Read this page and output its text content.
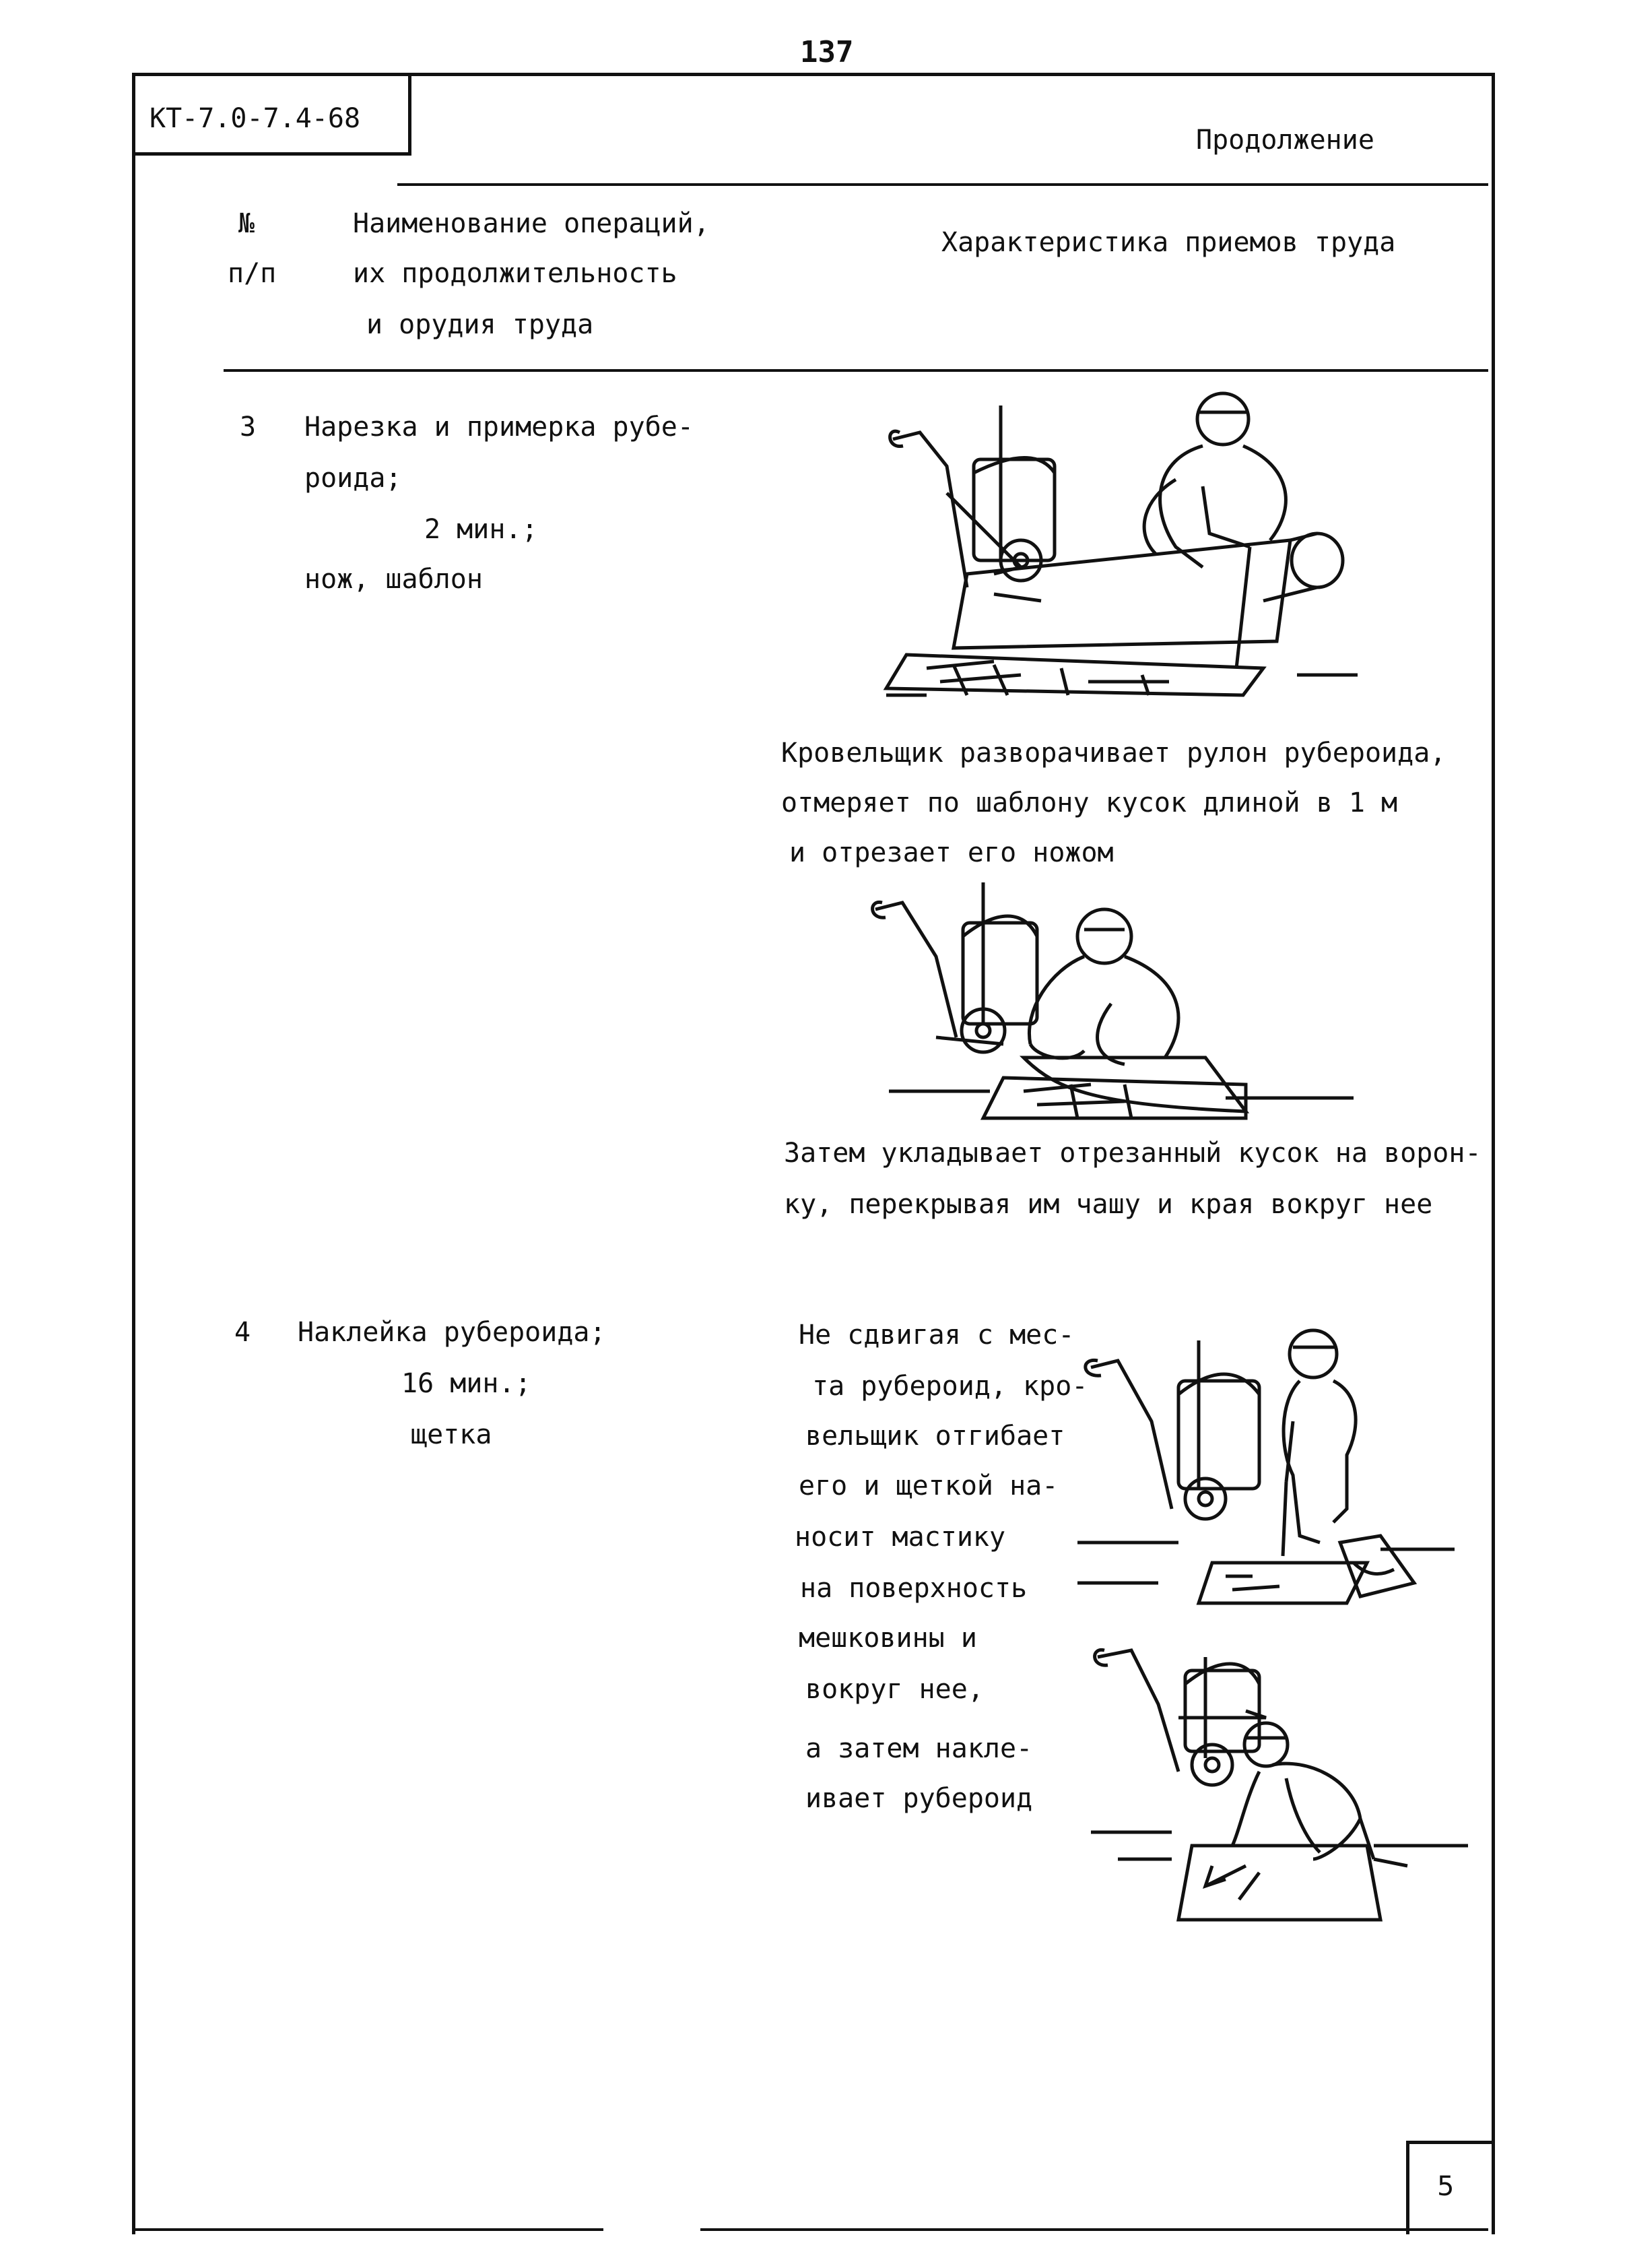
137
КТ-7.0-7.4-68
Продолжение
№
п/п
Наименование операций,
их продолжительность
и орудия труда
Характеристика приемов труда
3 Нарезка и примерка рубе-
роида;
2 мин.;
нож, шаблон
Кровельщик разворачивает рулон рубероида,
отмеряет по шаблону кусок длиной в 1 м
и отрезает его ножом
Затем укладывает отрезанный кусок на ворон-
ку, перекрывая им чашу и края вокруг нее
4 Наклейка рубероида;
16 мин.;
щетка
Не сдвигая с мес-
та рубероид, кро-
вельщик отгибает
его и щеткой на-
носит мастику
на поверхность
мешковины и
вокруг нее,
а затем накле-
ивает рубероид
5
